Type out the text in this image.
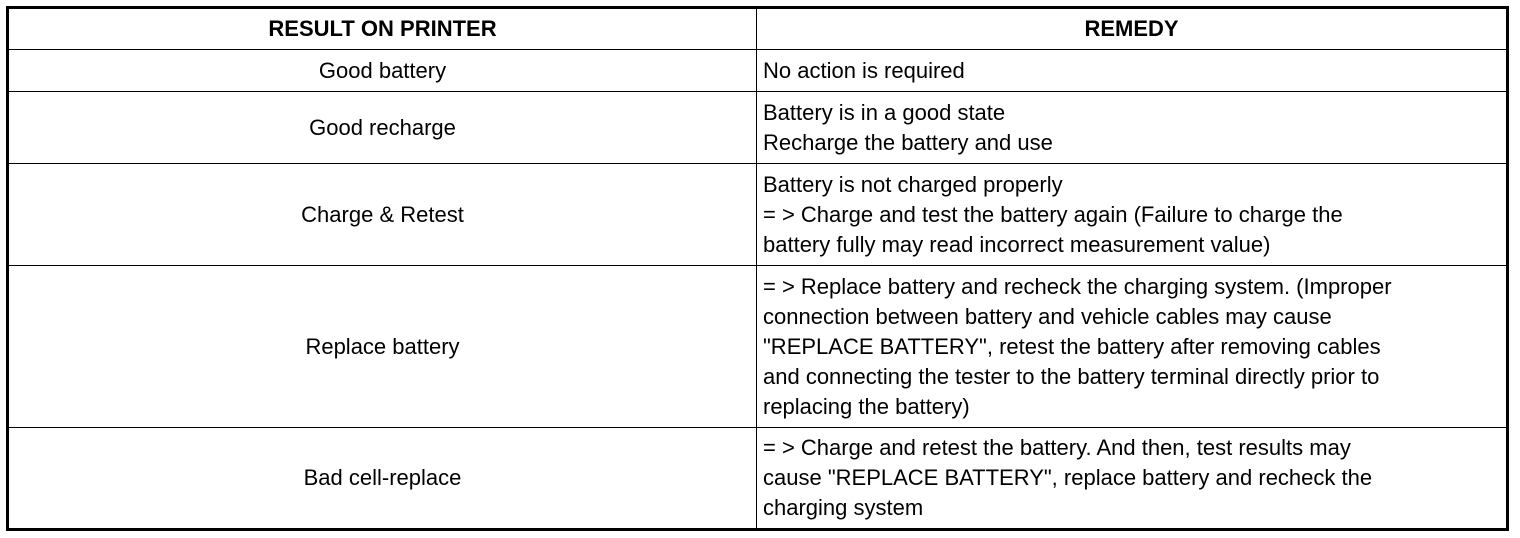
RESULT ON PRINTER	REMEDY
Good battery	No action is required

Good recharge	Battery is in a good state
Recharge the battery and use

Charge & Retest	Battery is not charged properly
= > Charge and test the battery again (Failure to charge the
battery fully may read incorrect measurement value)

Replace battery	= > Replace battery and recheck the charging system. (Improper
connection between battery and vehicle cables may cause
"REPLACE BATTERY", retest the battery after removing cables
and connecting the tester to the battery terminal directly prior to
replacing the battery)

Bad cell-replace	= > Charge and retest the battery. And then, test results may
cause "REPLACE BATTERY", replace battery and recheck the
charging system
